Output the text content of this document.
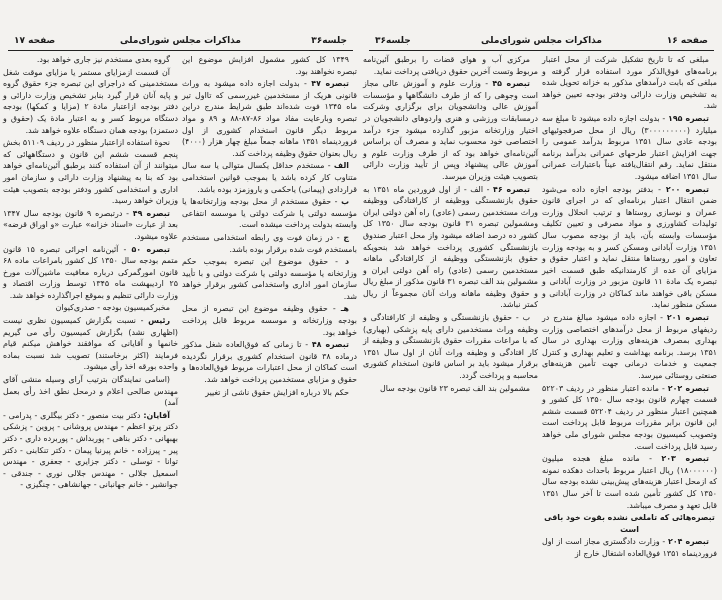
جلسه۳۶
مذاکرات مجلس شورای‌ملی
صفحه ۱۷

۱۳۴۹ کل کشور مشمول افزایش موضوع این تبصره نخواهند بود.

تبصره ۴۷ - بدولت اجازه داده میشود به وراث قانونی هریک از مستخدمین غیررسمی که تااول تیر ماه ۱۳۴۵ فوت شده‌اند طبق شرایط مندرج دراین تبصره وبارعایت مفاد مواد ۸۶-۸۷-۸۸ و ۸۹ و مواد مربوط دیگر قانون استخدام کشوری از اول فروردینماه ۱۳۵۱ ماهانه جمعاً مبلغ چهار هزار (۴۰۰۰) ریال بعنوان حقوق وظیفه پرداخت کند.

الف - مستخدم حداقل یکسال متوالی یا سه سال متناوب کار کرده باشد یا بموجب قوانین استخدامی قراردادی (پیمانی) یاحکمی و یاروزمزد بوده باشد.

ب - حقوق مستخدم از محل بودجه وزارتخانه‌ها یا مؤسسه دولتی یا شرکت دولتی یا موسسه انتفاعی وابسته بدولت پرداخت میشده است.

ج - در زمان فوت وی رابطه استخدامی مستخدم بامستخدم فوت شده برقرار بوده باشد.

د - حقوق موضوع این تبصره بموجب حکم وزارتخانه یا مؤسسه دولتی یا شرکت دولتی و با تأیید سازمان امور اداری واستخدامی کشور برقرار خواهد شد.

هـ - حقوق وظیفه موضوع این تبصره از محل بودجه وزارتخانه و موسسه مربوط قابل پرداخت خواهد بود.

تبصره ۴۸ - تا زمانی که فوق‌العاده شغل مذکور درماده ۳۸ قانون استخدام کشوری برقرار نگردیده است کماکان از محل اعتبارات مربوط فوق‌العاده‌ها و حقوق و مزایای مستخدمین پرداخت خواهد شد.

حکم بالا درباره افزایش حقوق ناشی از تغییر

گروه بعدی مستخدم نیز جاری خواهد بود.

آن قسمت ازمزایای مستمر یا مزایای موقت شغل مستخدمینی که دراجرای این تبصره جزء حقوق گروه و پایه آنان قرار گیرد بنابر تشخیص وزارت دارائی و دفتر بودجه ازاعتبار مادة ۲ (مزایا و کمکها) بودجه دستگاه مربوط کسر و به اعتبار مادة یک (حقوق و دستمزد) بودجه همان دستگاه علاوه خواهد شد.

نحوة استفاده ازاعتبار منظور در ردیف ۵۱۱۰۹ بخش پنجم قسمت ششم این قانون و دستگاههائی که میتوانند از آن استفاده کنند برطبق آئین‌نامه‌ای خواهد بود که بنا به پیشنهاد وزارت دارائی و سازمان امور اداری و استخدامی کشور ودفتر بودجه بتصویب هیئت وزیران خواهد رسید.

تبصره ۴۹ - درتبصره ۹ قانون بودجه سال ۱۳۴۷ بعد از عبارت «اسناد خزانه» عبارت «و اوراق قرضه» علاوه میشود.

تبصره ۵۰ - آئین‌نامه اجرائی تبصره ۱۵ قانون متمم بودجه سال ۱۳۵۰ کل کشور بامراعات ماده ۶۸ قانون امورگمرکی درباره معافیت ماشین‌آلات مورخ ۲۵ اردیبهشت ماه ۱۳۴۵ توسط وزارت اقتصاد و وزارت دارائی تنظیم و بموقع اجراگذارده خواهد شد.

مخبرکمیسیون بودجه - صدری‌کیوان

رئیس - نسبت بگزارش کمیسیون نظری نیست (اظهاری نشد) بگزارش کمیسیون رأی می گیریم خانمها و آقایانی که موافقند خواهش میکنم قیام فرمایند (اکثر برخاستند) تصویب شد نسبت بماده واحده بورقه اخذ رأی میشود.

(اسامی نمایندگان بترتیب آرای وسیله منشی آقای مهندس صالحی اعلام و درمحل نطق اخذ رأی بعمل آمد)

آقایان: دکتر بیت منصور - دکتر بیگلری - پدرامی - دکتر پرتو اعظم - مهندس پروشانی - پروین - پزشکی بهبهانی - دکتر بناهی - پوربداش - پوربرده داری - دکتر پیر - پیرزاده - خانم پیرنیا پیمان - دکتر تنکابنی - دکتر توانا - توسلی - دکتر جزایری - جعفری - مهندس اسمعیل جلالی - مهندس جلالی نوری - جندقی - جوانشیر - خانم جهانبانی - جهانشاهی - چنگیزی -

صفحه ۱۶
مذاکرات مجلس شورای‌ملی
جلسه۳۶

مبلغی که تا تاریخ تشکیل شرکت از محل اعتبار برنامه‌های فوق‌الذکر مورد استفاده قرار گرفته و مبلغی که بابت درآمدهای مذکور به خزانه تحویل شده به تشخیص وزارت دارائی ودفتر بودجه تعیین خواهد شد.

تبصره ۱۹۵ - بدولت اجازه داده میشود تا مبلغ سه میلیارد (۳۰۰۰۰۰۰۰۰۰) ریال از محل صرفجوئیهای بودجه عادی سال ۱۳۵۱ مربوط بدرآمد عمومی را جهت افزایش اعتبار طرحهای عمرانی بدرآمد برنامه منتقل نماید. رقم انتقال‌یافته عیناً باعتبارات عمرانی سال ۱۳۵۱ اضافه میشود.

تبصره ۲۰۰ - بدفتر بودجه اجازه داده می‌شود ضمن انتقال اعتبار برنامه‌ای که در اجرای قانون عمران و نوسازی روستاها و ترتیب انحلال وزارت تولیدات کشاورزی و مواد مصرفی و تعیین تکلیف مؤسسات وابسته بآن، باید از بودجه مصوب سال ۱۳۵۱ وزارت آبادانی ومسکن کسر و به بودجه وزارت تعاون و امور روستاها منتقل نماید و اعتبار حقوق و مزایای آن عده از کارمندانیکه طبق قسمت اخیر تبصره یک مادة ۱۱ قانون مزبور در وزارت آبادانی و مسکن باقی خواهند ماند کماکان در وزارت آبادانی و مسکن منظور نماید.

تبصره ۲۰۱ - اجازه داده میشود مبالغ مندرج در ردیفهای مربوط از محل درآمدهای اختصاصی وزارت بهداری بمصرف هزینه‌های وزارت بهداری در سال ۱۳۵۱ برسد. برنامه بهداشت و تعلیم بهداری و کنترل جمعیت و خدمات درمانی جهت تأمین هزینه‌های صنعتی روستائی میرسد.

تبصره ۲۰۲ - مانده اعتبار منظور در ردیف ۵۲۲۰۳ قسمت چهارم قانون بودجه سال ۱۳۵۰ کل کشور و همچنین اعتبار منظور در ردیف ۵۲۲۰۴ قسمت ششم این قانون برابر مقررات مربوط قابل پرداخت است وتصویب کمیسیون بودجه مجلس شورای ملی خواهد رسید قابل پرداخت است.

تبصره ۲۰۳ - مانده مبلغ هجده میلیون (۱۸۰۰۰۰۰۰) ریال اعتبار مربوط باحداث دهکده نمونه که ازمحل اعتبار هزینه‌های پیش‌بینی نشده بودجه سال ۱۳۵۰ کل کشور تأمین شده است تا آخر سال ۱۳۵۱ قابل تعهد و مصرف میباشد.

تبصره‌هائی که تاملغی نشده بقوت خود باقی است

تبصره ۲۰۴ - وزارت دادگستری مجاز است از اول فروردینماه ۱۳۵۱ فوق‌العاده اشتغال خارج از

مرکزی آب و هوای قضات را برطبق آئین‌نامه مربوط وتست آخرین حقوق دریافتی پرداخت نماید.

تبصره ۴۵ - وزارت علوم و آموزش عالی مجاز است وجوهی را که از طرف دانشگاهها و مؤسسات آموزش عالی ودانشجویان برای برگزاری وشرکت درمسابقات ورزشی و هنری واردوهای دانشجویان در اختیار وزارتخانه مزبور گذارده میشود جزء درآمد اختصاصی خود محسوب نماید و مصرف آن براساس آئین‌نامه‌ای خواهد بود که از طرف وزارت علوم و آموزش عالی پیشنهاد وپس از تأیید وزارت دارائی بتصویب هیئت وزیران میرسد.

تبصره ۴۶ - الف - از اول فروردین ماه ۱۳۵۱ به حقوق بازنشستگی ووظیفه از کارافتادگی ووظیفه وراث مستخدمین رسمی (عادی) راه آهن دولتی ایران ومشمولین تبصره ۳۱ قانون بودجه سال ۱۳۵۰ کل کشور ده درصد اضافه میشود واز محل اعتبار صندوق بازنشستگی کشوری پرداخت خواهد شد بنحویکه حقوق بازنشستگی ووظیفه از کارافتادگی ماهانه مستخدمین رسمی (عادی) راه آهن دولتی ایران و مشمولین بند الف تبصره ۳۱ قانون مذکور از مبلغ ریال و حقوق وظیفه ماهانه وراث آنان مجموعاً از ریال کمتر نباشد.

ب - حقوق بازنشستگی و وظیفه از کارافتادگی و وظیفه وراث مستخدمین دارای پایه پزشکی (بهیاری) که با مراعات مقررات حقوق بازنشستگی و وظیفه از کار افتادگی و وظیفه وراث آنان از اول سال ۱۳۵۱ برقرار میشود باید بر اساس قانون استخدام کشوری محاسبه و پرداخت گردد.

مشمولین بند الف تبصره ۲۳ قانون بودجه سال
